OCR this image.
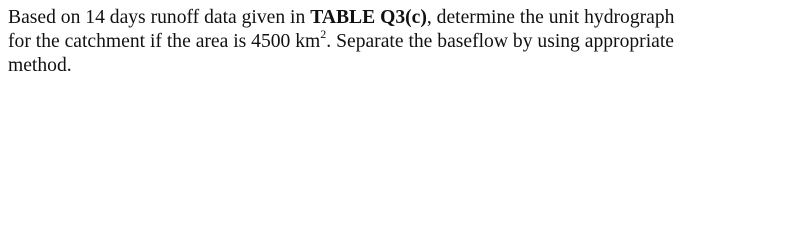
Based on 14 days runoff data given in TABLE Q3(c), determine the unit hydrograph
for the catchment if the area is 4500 $km^2$. Separate the baseflow by using appropriate
method.
